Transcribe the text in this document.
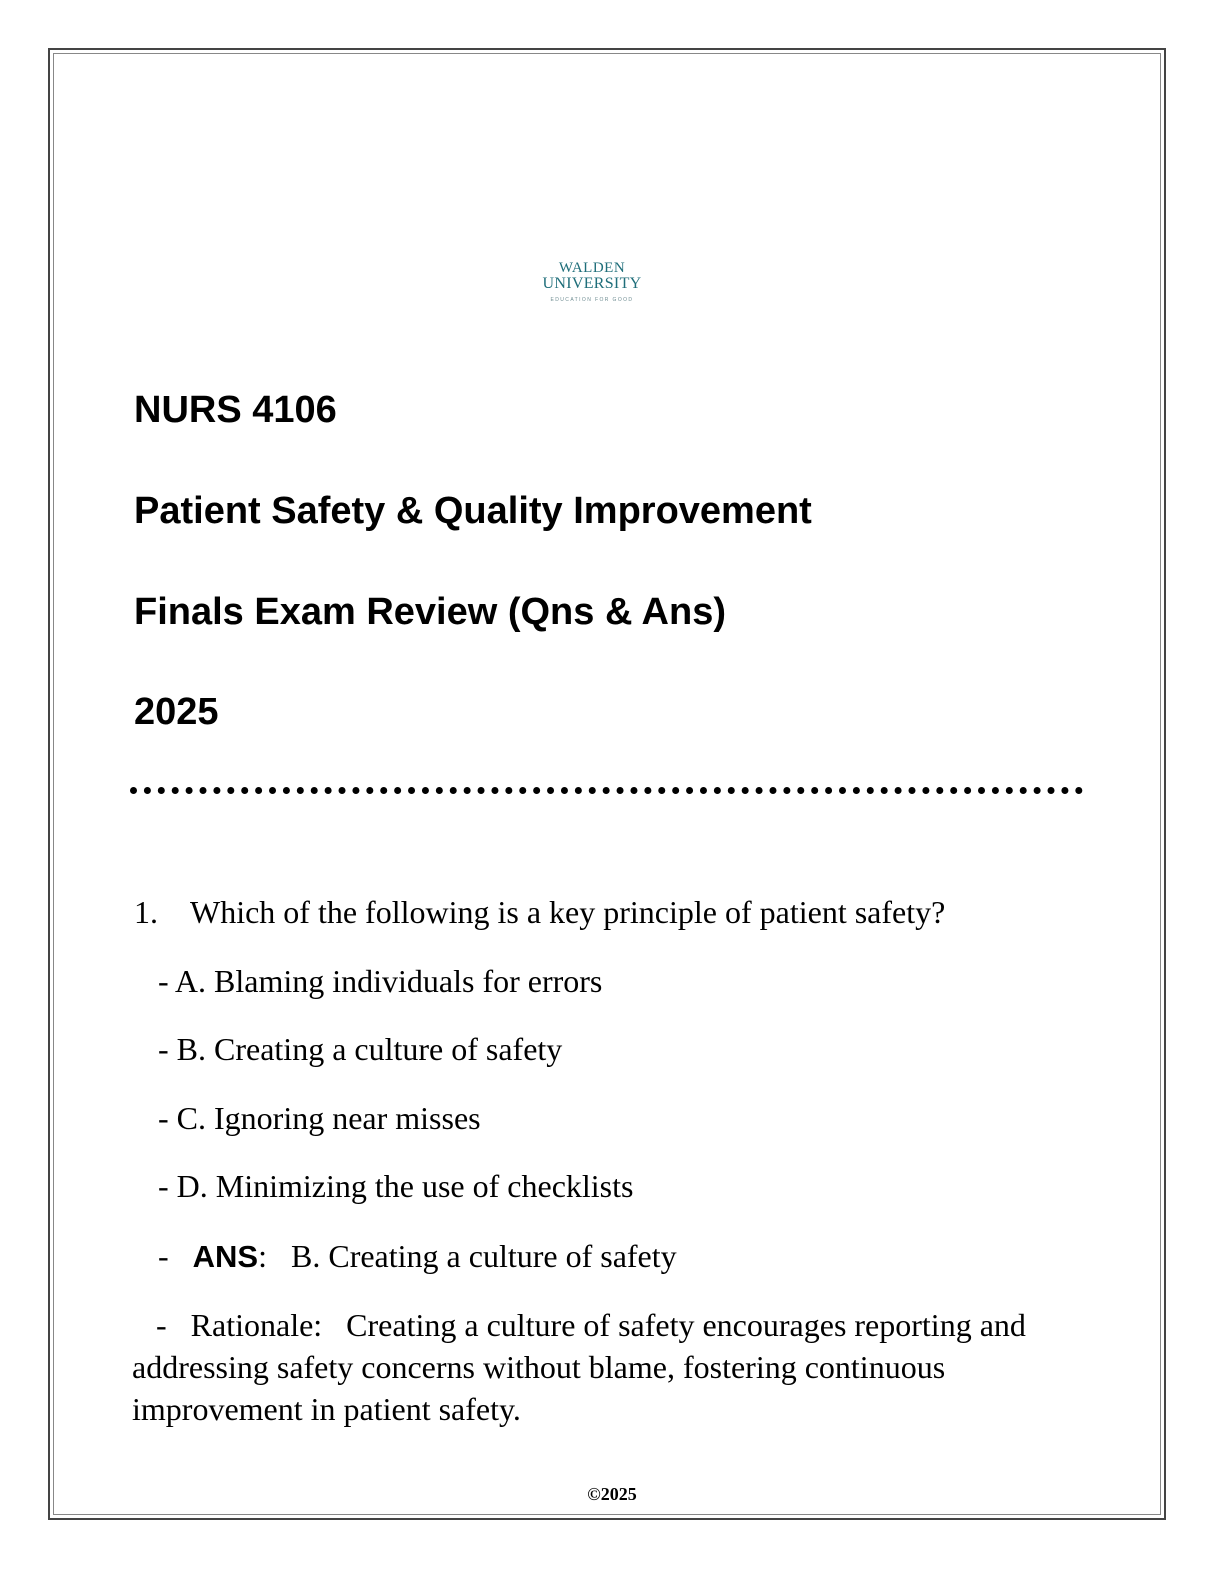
WALDEN
UNIVERSITY
EDUCATION FOR GOOD
NURS 4106
Patient Safety & Quality Improvement
Finals Exam Review (Qns & Ans)
2025
1. Which of the following is a key principle of patient safety?
- A. Blaming individuals for errors
- B. Creating a culture of safety
- C. Ignoring near misses
- D. Minimizing the use of checklists
- ANS:   B. Creating a culture of safety
- Rationale: Creating a culture of safety encourages reporting and addressing safety concerns without blame, fostering continuous improvement in patient safety.
©2025
